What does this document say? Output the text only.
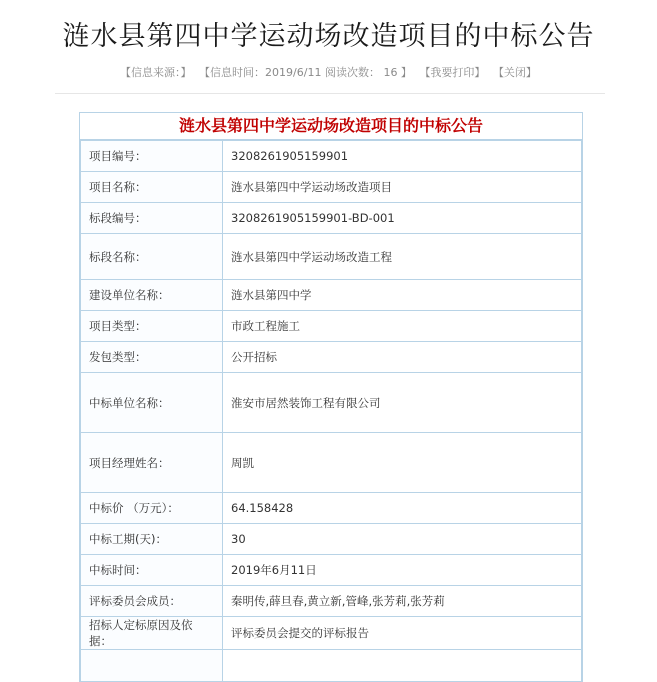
涟水县第四中学运动场改造项目的中标公告
【信息来源：】 【信息时间：2019/6/11 阅读次数： 16 】 【我要打印】 【关闭】
涟水县第四中学运动场改造项目的中标公告
项目编号：	3208261905159901
项目名称：	涟水县第四中学运动场改造项目
标段编号：	3208261905159901-BD-001
标段名称：	涟水县第四中学运动场改造工程
建设单位名称：	涟水县第四中学
项目类型：	市政工程施工
发包类型：	公开招标
中标单位名称：	淮安市居然装饰工程有限公司
项目经理姓名：	周凯
中标价 （万元）：	64.158428
中标工期(天)：	30
中标时间：	2019年6月11日
评标委员会成员：	秦明传,薛旦春,黄立新,管峰,张芳莉,张芳莉
招标人定标原因及依据：	评标委员会提交的评标报告
